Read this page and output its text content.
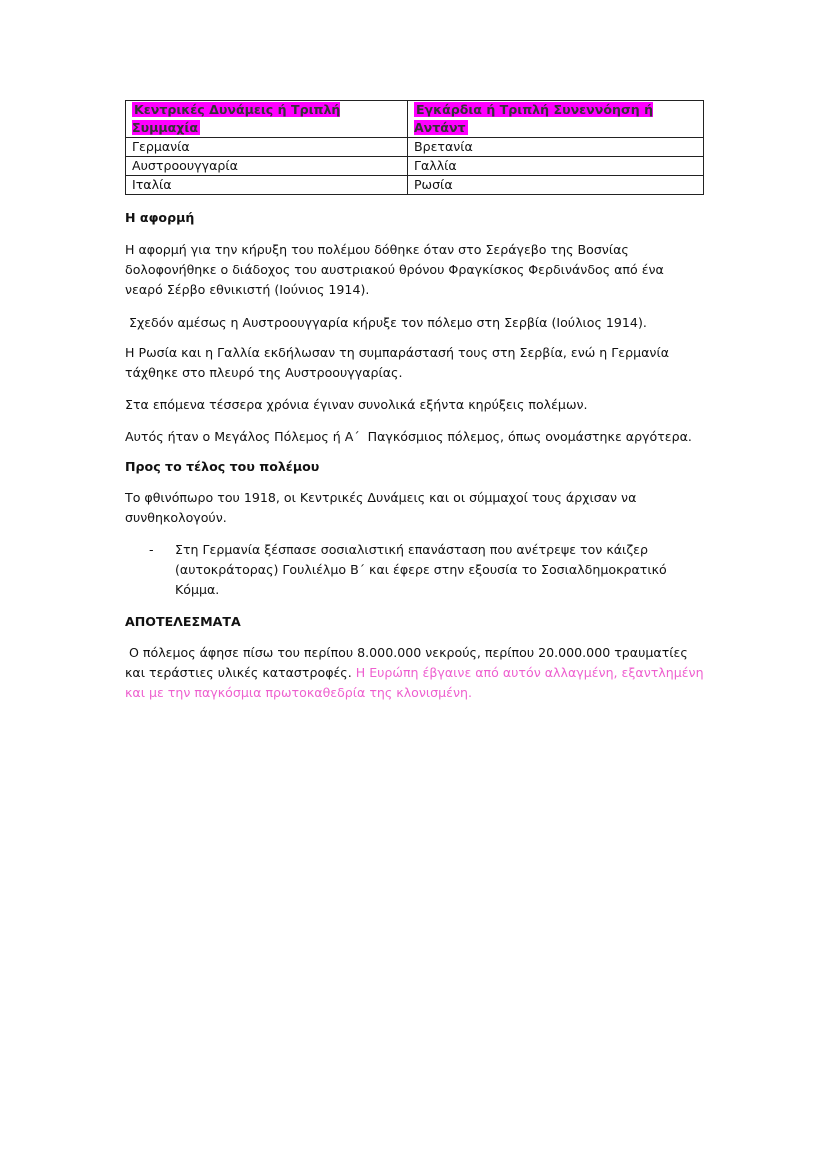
Κεντρικές Δυνάμεις ή Τριπλή Συμμαχία	Εγκάρδια ή Τριπλή Συνεννόηση ή Αντάντ
Γερμανία	Βρετανία
Αυστροουγγαρία	Γαλλία
Ιταλία	Ρωσία
Η αφορμή

Η αφορμή για την κήρυξη του πολέμου δόθηκε όταν στο Σεράγεβο της Βοσνίας δολοφονήθηκε ο διάδοχος του αυστριακού θρόνου Φραγκίσκος Φερδινάνδος από ένα νεαρό Σέρβο εθνικιστή (Ιούνιος 1914).

Σχεδόν αμέσως η Αυστροουγγαρία κήρυξε τον πόλεμο στη Σερβία (Ιούλιος 1914).

Η Ρωσία και η Γαλλία εκδήλωσαν τη συμπαράστασή τους στη Σερβία, ενώ η Γερμανία τάχθηκε στο πλευρό της Αυστροουγγαρίας.

Στα επόμενα τέσσερα χρόνια έγιναν συνολικά εξήντα κηρύξεις πολέμων.

Αυτός ήταν ο Μεγάλος Πόλεμος ή Α΄  Παγκόσμιος πόλεμος, όπως ονομάστηκε αργότερα.

Προς το τέλος του πολέμου

Το φθινόπωρο του 1918, οι Κεντρικές Δυνάμεις και οι σύμμαχοί τους άρχισαν να συνθηκολογούν.

- Στη Γερμανία ξέσπασε σοσιαλιστική επανάσταση που ανέτρεψε τον κάιζερ (αυτοκράτορας) Γουλιέλμο Β΄ και έφερε στην εξουσία το Σοσιαλδημοκρατικό Κόμμα.
ΑΠΟΤΕΛΕΣΜΑΤΑ

Ο πόλεμος άφησε πίσω του περίπου 8.000.000 νεκρούς, περίπου 20.000.000 τραυματίες και τεράστιες υλικές καταστροφές. Η Ευρώπη έβγαινε από αυτόν αλλαγμένη, εξαντλημένη και με την παγκόσμια πρωτοκαθεδρία της κλονισμένη.
